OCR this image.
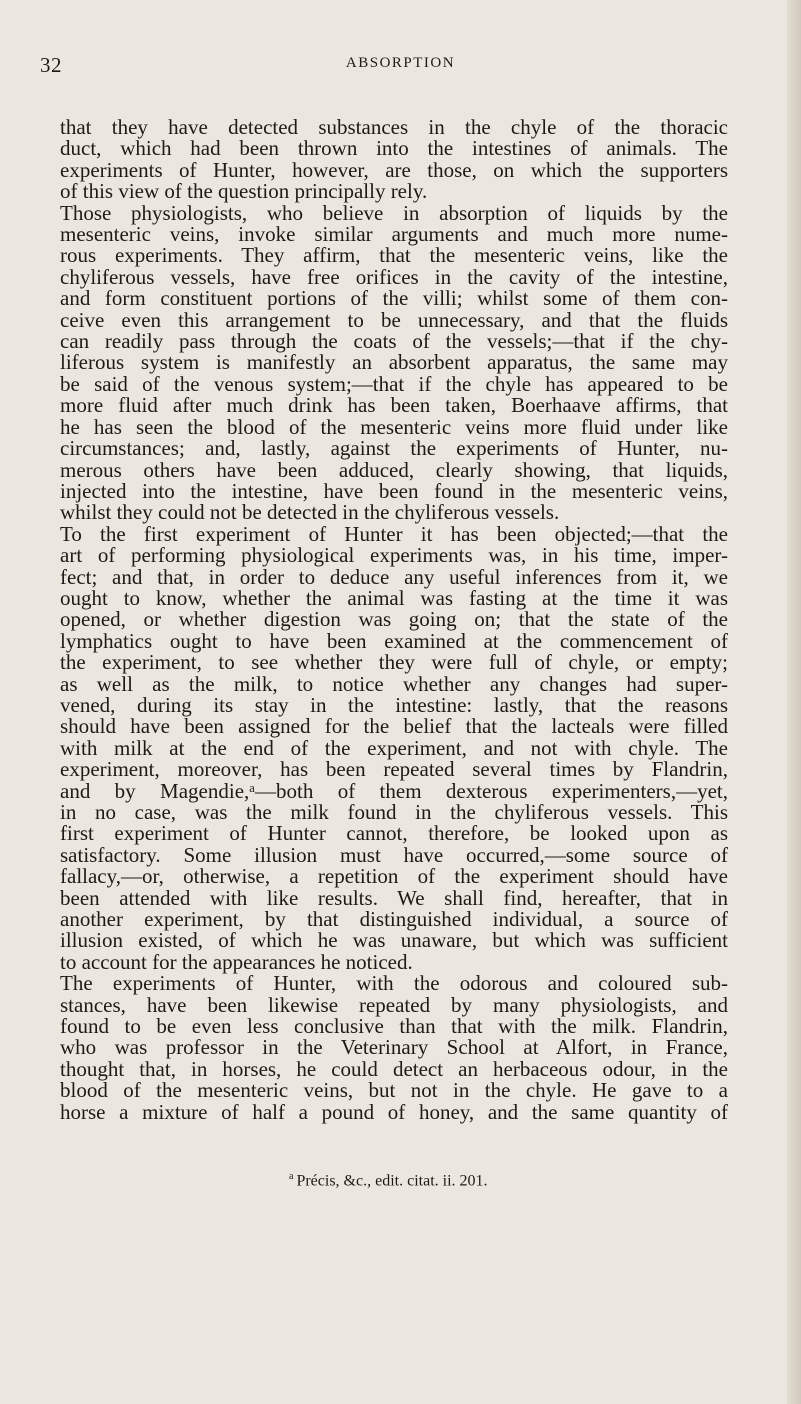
32	ABSORPTION
that they have detected substances in the chyle of the thoracic
duct, which had been thrown into the intestines of animals. The
experiments of Hunter, however, are those, on which the supporters
of this view of the question principally rely.
Those physiologists, who believe in absorption of liquids by the
mesenteric veins, invoke similar arguments and much more nume-
rous experiments. They affirm, that the mesenteric veins, like the
chyliferous vessels, have free orifices in the cavity of the intestine,
and form constituent portions of the villi; whilst some of them con-
ceive even this arrangement to be unnecessary, and that the fluids
can readily pass through the coats of the vessels;—that if the chy-
liferous system is manifestly an absorbent apparatus, the same may
be said of the venous system;—that if the chyle has appeared to be
more fluid after much drink has been taken, Boerhaave affirms, that
he has seen the blood of the mesenteric veins more fluid under like
circumstances; and, lastly, against the experiments of Hunter, nu-
merous others have been adduced, clearly showing, that liquids,
injected into the intestine, have been found in the mesenteric veins,
whilst they could not be detected in the chyliferous vessels.
To the first experiment of Hunter it has been objected;—that the
art of performing physiological experiments was, in his time, imper-
fect; and that, in order to deduce any useful inferences from it, we
ought to know, whether the animal was fasting at the time it was
opened, or whether digestion was going on; that the state of the
lymphatics ought to have been examined at the commencement of
the experiment, to see whether they were full of chyle, or empty;
as well as the milk, to notice whether any changes had super-
vened, during its stay in the intestine: lastly, that the reasons
should have been assigned for the belief that the lacteals were filled
with milk at the end of the experiment, and not with chyle. The
experiment, moreover, has been repeated several times by Flandrin,
and by Magendie,ᵃ—both of them dexterous experimenters,—yet,
in no case, was the milk found in the chyliferous vessels. This
first experiment of Hunter cannot, therefore, be looked upon as
satisfactory. Some illusion must have occurred,—some source of
fallacy,—or, otherwise, a repetition of the experiment should have
been attended with like results. We shall find, hereafter, that in
another experiment, by that distinguished individual, a source of
illusion existed, of which he was unaware, but which was sufficient
to account for the appearances he noticed.
The experiments of Hunter, with the odorous and coloured sub-
stances, have been likewise repeated by many physiologists, and
found to be even less conclusive than that with the milk. Flandrin,
who was professor in the Veterinary School at Alfort, in France,
thought that, in horses, he could detect an herbaceous odour, in the
blood of the mesenteric veins, but not in the chyle. He gave to a
horse a mixture of half a pound of honey, and the same quantity of
$^a$ Précis, &c., edit. citat. ii. 201.
